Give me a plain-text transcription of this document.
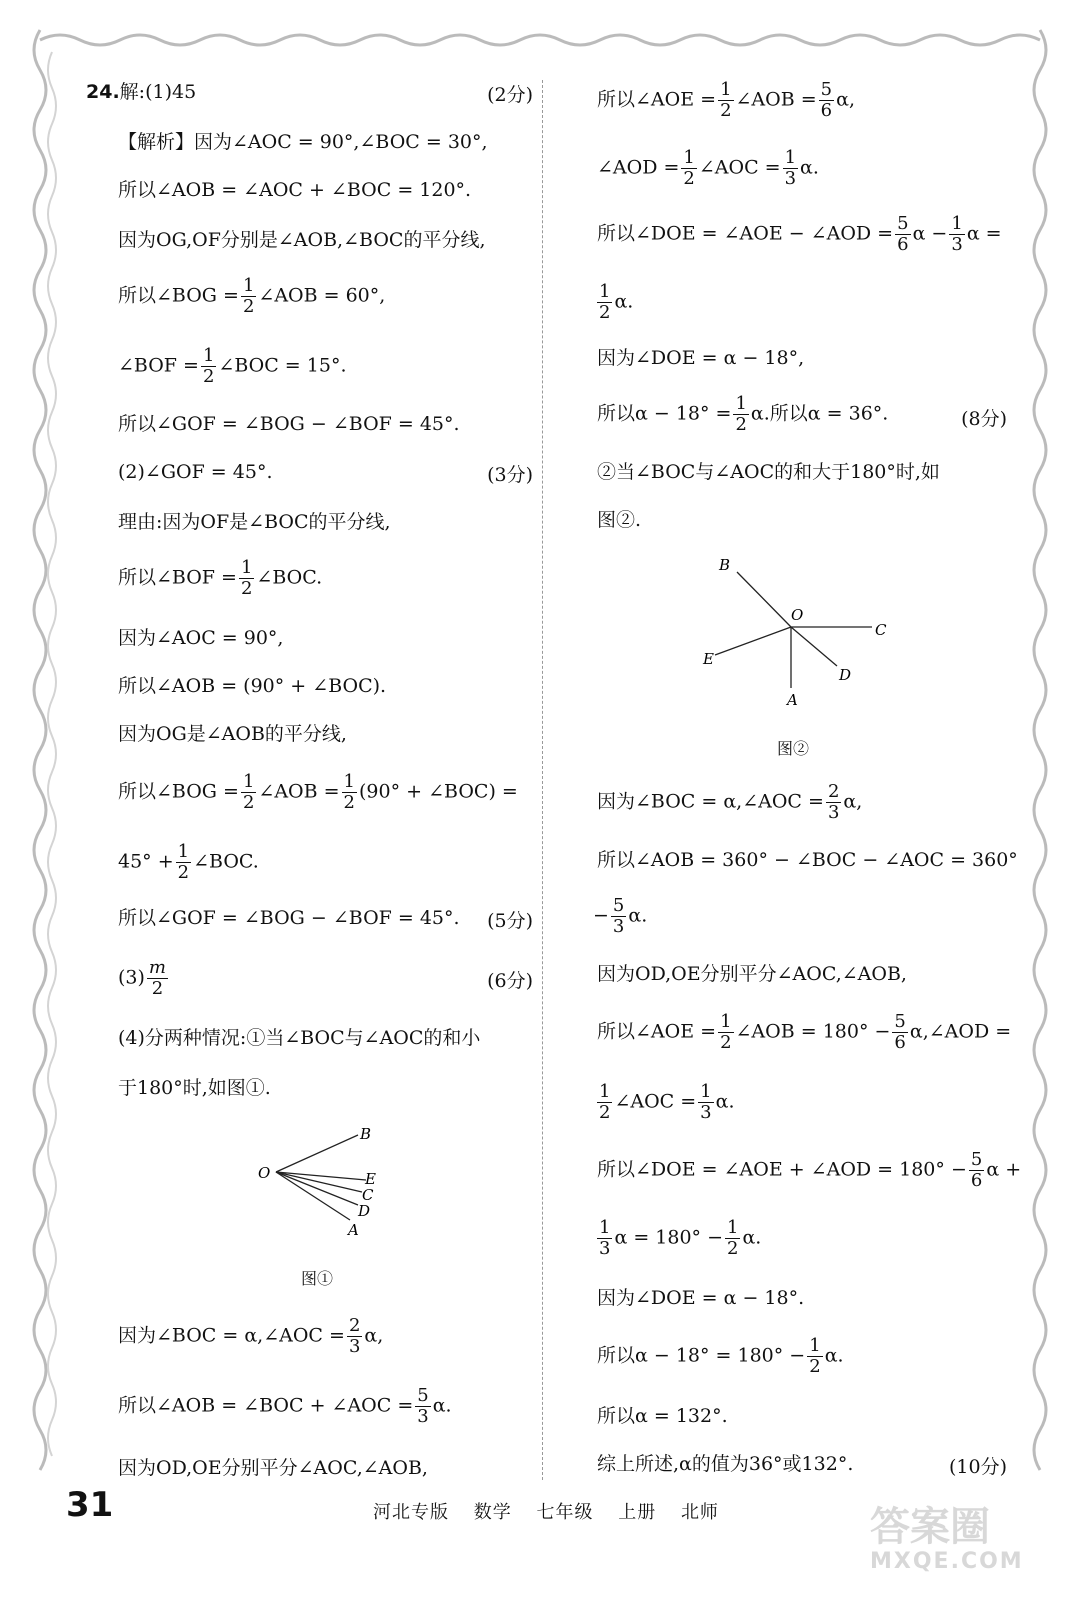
24.解:(1)45	(2分)
【解析】因为∠AOC = 90°,∠BOC = 30°,
所以∠AOB = ∠AOC + ∠BOC = 120°.
因为OG,OF分别是∠AOB,∠BOC的平分线,
所以∠BOG = $\frac{1}{2}$ ∠AOB = 60°,
∠BOF = $\frac{1}{2}$ ∠BOC = 15°.
所以∠GOF = ∠BOG − ∠BOF = 45°.
(2)∠GOF = 45°.	(3分)
理由:因为OF是∠BOC的平分线,
所以∠BOF = $\frac{1}{2}$ ∠BOC.
因为∠AOC = 90°,
所以∠AOB = (90° + ∠BOC).
因为OG是∠AOB的平分线,
所以∠BOG = $\frac{1}{2}$ ∠AOB = $\frac{1}{2} (90^\circ$ + ∠BOC) =
$45^\circ + \frac{1}{2}$ ∠BOC.
所以∠GOF = ∠BOG − ∠BOF = 45°. (5分)
$(3) \frac{m}{2}$	(6分)
(4)分两种情况:①当∠BOC与∠AOC的和小
于180°时,如图①.
O
B
E
C
D
A
图①
因为∠BOC = α,∠AOC = $\frac{2}{3} \alpha$,
所以∠AOB = ∠BOC + ∠AOC = $\frac{5}{3} \alpha$.
因为OD,OE分别平分∠AOC,∠AOB,
所以∠AOE = $\frac{1}{2}$ ∠AOB = $\frac{5}{6} \alpha$,
∠AOD = $\frac{1}{2}$ ∠AOC = $\frac{1}{3} \alpha$.
所以∠DOE = ∠AOE − ∠AOD = $\frac{5}{6}$ $\alpha - \frac{1}{3}$ α =
$\frac{1}{2} \alpha$.
因为∠DOE = α − 18°,
所以$\alpha - 18^\circ = \frac{1}{2} \alpha$.所以α = 36°.	(8分)
②当∠BOC与∠AOC的和大于180°时,如
图②.
B
O
C
E
D
A
图②
因为∠BOC = α,∠AOC = $\frac{2}{3} \alpha$,
所以∠AOB = 360° − ∠BOC − ∠AOC = 360°
− $\frac{5}{3} \alpha$.
因为OD,OE分别平分∠AOC,∠AOB,
所以∠AOE = $\frac{1}{2}$ ∠AOB = $180^\circ - \frac{5}{6}$ α,∠AOD =
$\frac{1}{2}$ ∠AOC = $\frac{1}{3} \alpha$.
所以∠DOE = ∠AOE + ∠AOD = $180^\circ - \frac{5}{6}$ α +
$\frac{1}{3}$ $\alpha = 180^\circ - \frac{1}{2} \alpha$.
因为∠DOE = α − 18°.
所以$\alpha - 18^\circ = 180^\circ - \frac{1}{2} \alpha$.
所以α = 132°.
综上所述,α的值为36°或132°.	(10分)
31	河北专版 数学 七年级 上册 北师	答案圈
MXQE.COM
